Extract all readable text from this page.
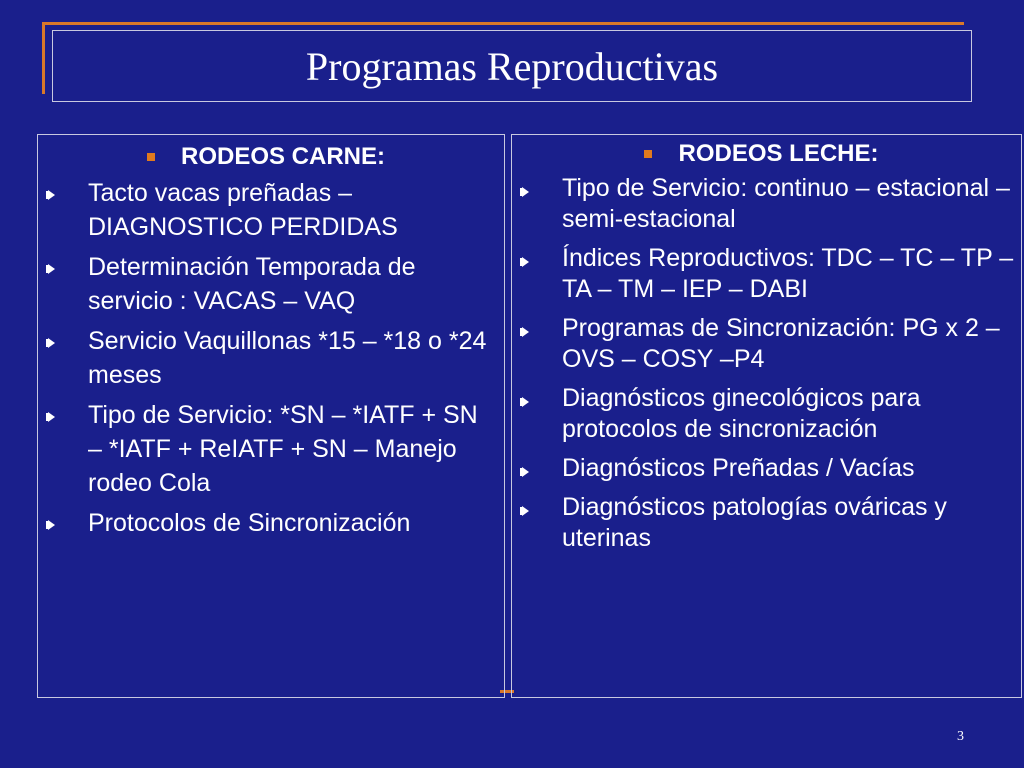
Programas Reproductivas
RODEOS CARNE:
Tacto vacas preñadas – DIAGNOSTICO PERDIDAS
Determinación Temporada de servicio : VACAS – VAQ
Servicio Vaquillonas *15 – *18 o *24 meses
Tipo de Servicio: *SN – *IATF + SN – *IATF + ReIATF + SN – Manejo rodeo Cola
Protocolos de Sincronización
RODEOS LECHE:
Tipo de Servicio: continuo – estacional – semi-estacional
Índices Reproductivos: TDC – TC – TP – TA – TM – IEP – DABI
Programas de Sincronización: PG x 2 – OVS – COSY –P4
Diagnósticos ginecológicos para protocolos de sincronización
Diagnósticos Preñadas / Vacías
Diagnósticos patologías ováricas y uterinas
3
